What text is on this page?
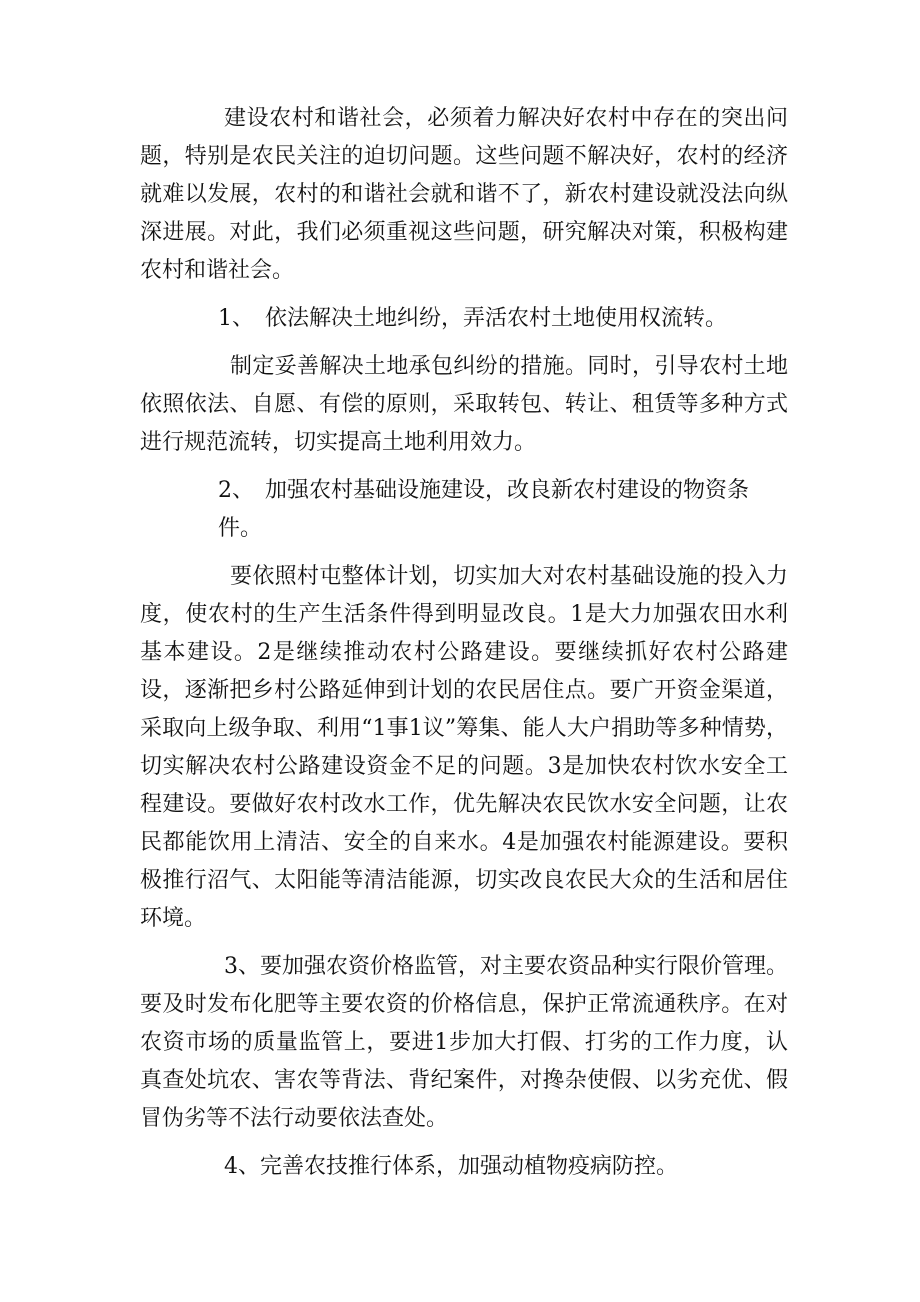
建设农村和谐社会，必须着力解决好农村中存在的突出问题，特别是农民关注的迫切问题。这些问题不解决好，农村的经济就难以发展，农村的和谐社会就和谐不了，新农村建设就没法向纵深进展。对此，我们必须重视这些问题，研究解决对策，积极构建农村和谐社会。

1、　依法解决土地纠纷，弄活农村土地使用权流转。

制定妥善解决土地承包纠纷的措施。同时，引导农村土地依照依法、自愿、有偿的原则，采取转包、转让、租赁等多种方式进行规范流转，切实提高土地利用效力。

2、　加强农村基础设施建设，改良新农村建设的物资条件。

要依照村屯整体计划，切实加大对农村基础设施的投入力度，使农村的生产生活条件得到明显改良。1是大力加强农田水利基本建设。2是继续推动农村公路建设。要继续抓好农村公路建设，逐渐把乡村公路延伸到计划的农民居住点。要广开资金渠道，采取向上级争取、利用“1事1议”筹集、能人大户捐助等多种情势，切实解决农村公路建设资金不足的问题。3是加快农村饮水安全工程建设。要做好农村改水工作，优先解决农民饮水安全问题，让农民都能饮用上清洁、安全的自来水。4是加强农村能源建设。要积极推行沼气、太阳能等清洁能源，切实改良农民大众的生活和居住环境。

3、要加强农资价格监管，对主要农资品种实行限价管理。要及时发布化肥等主要农资的价格信息，保护正常流通秩序。在对农资市场的质量监管上，要进1步加大打假、打劣的工作力度，认真查处坑农、害农等背法、背纪案件，对搀杂使假、以劣充优、假冒伪劣等不法行动要依法查处。

4、完善农技推行体系，加强动植物疫病防控。
